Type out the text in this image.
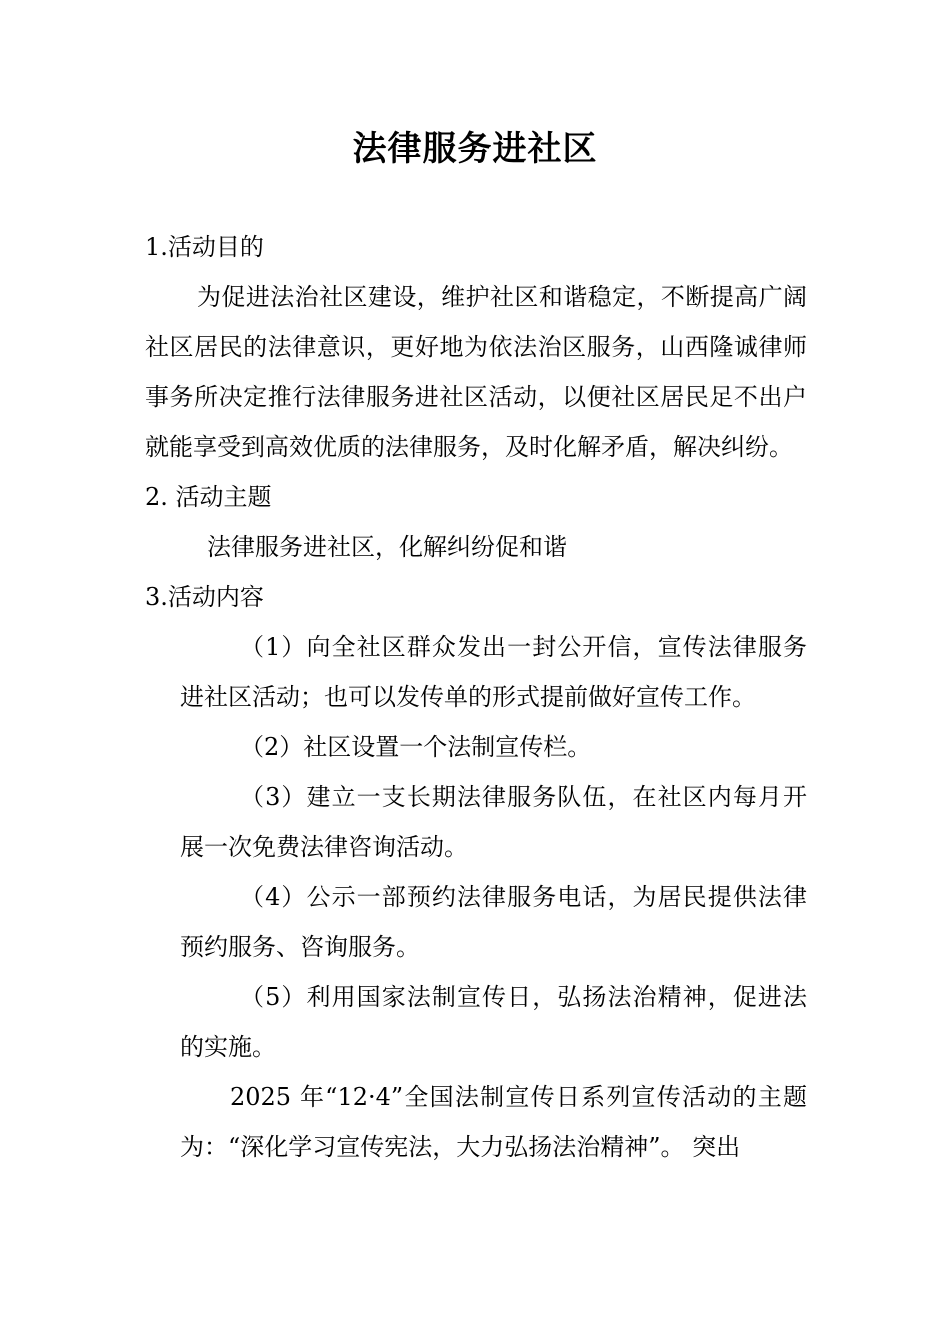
法律服务进社区

1.活动目的

为促进法治社区建设，维护社区和谐稳定，不断提高广阔社区居民的法律意识，更好地为依法治区服务，山西隆诚律师事务所决定推行法律服务进社区活动，以便社区居民足不出户就能享受到高效优质的法律服务，及时化解矛盾，解决纠纷。

2. 活动主题

法律服务进社区，化解纠纷促和谐

3.活动内容

（1）向全社区群众发出一封公开信，宣传法律服务进社区活动；也可以发传单的形式提前做好宣传工作。

（2）社区设置一个法制宣传栏。

（3）建立一支长期法律服务队伍，在社区内每月开展一次免费法律咨询活动。

（4）公示一部预约法律服务电话，为居民提供法律预约服务、咨询服务。

（5）利用国家法制宣传日，弘扬法治精神，促进法的实施。

2025 年“12·4”全国法制宣传日系列宣传活动的主题为：“深化学习宣传宪法，大力弘扬法治精神”。 突出
